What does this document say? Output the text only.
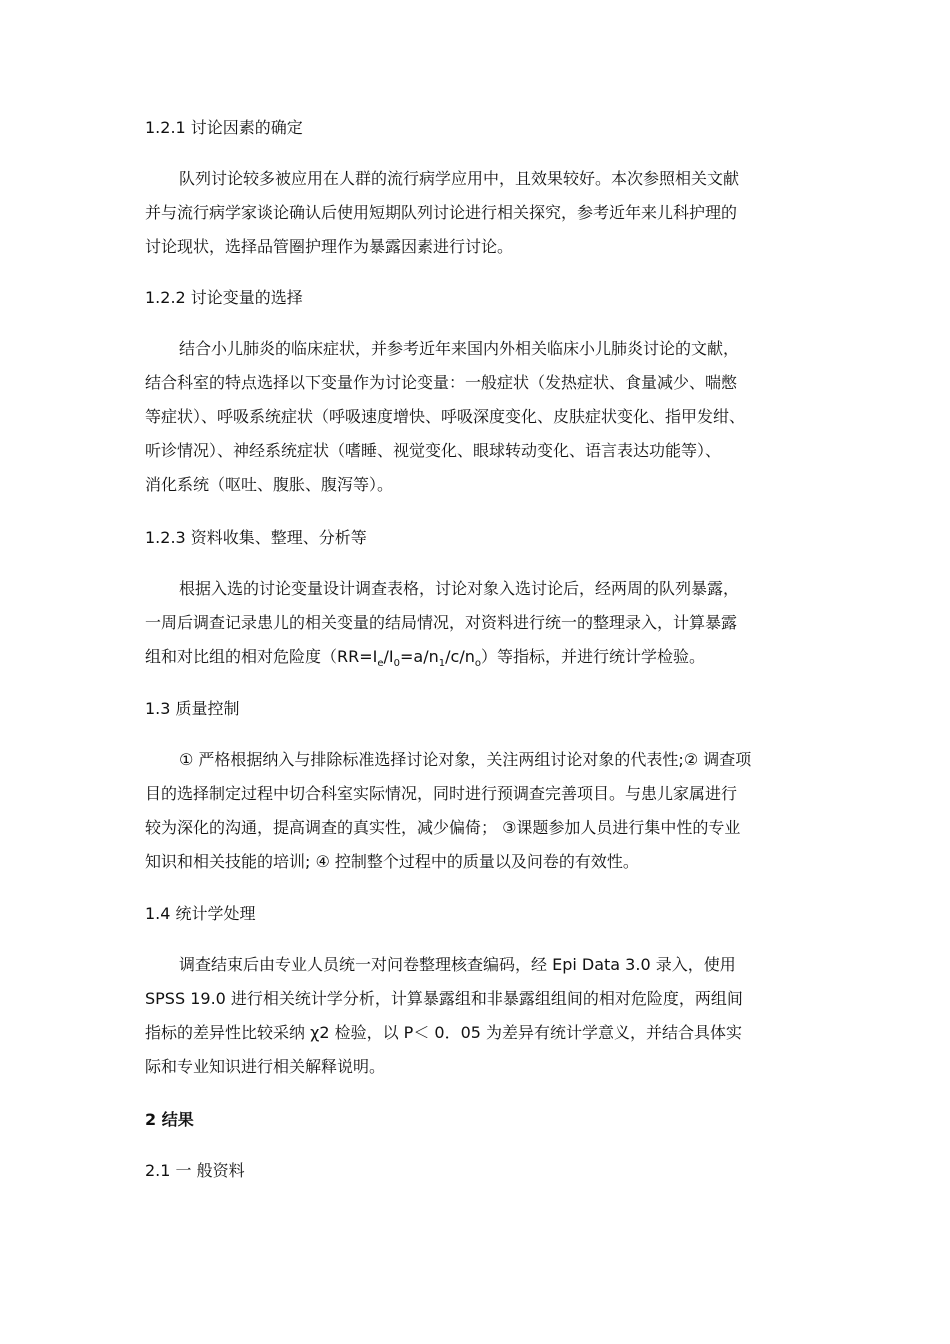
1.2.1 讨论因素的确定
队列讨论较多被应用在人群的流行病学应用中，且效果较好。本次参照相关文献
并与流行病学家谈论确认后使用短期队列讨论进行相关探究，参考近年来儿科护理的
讨论现状，选择品管圈护理作为暴露因素进行讨论。
1.2.2 讨论变量的选择
结合小儿肺炎的临床症状，并参考近年来国内外相关临床小儿肺炎讨论的文献，
结合科室的特点选择以下变量作为讨论变量：一般症状（发热症状、食量减少、喘憋
等症状）、呼吸系统症状（呼吸速度增快、呼吸深度变化、皮肤症状变化、指甲发绀、
听诊情况）、神经系统症状（嗜睡、视觉变化、眼球转动变化、语言表达功能等）、
消化系统（呕吐、腹胀、腹泻等）。
1.2.3 资料收集、整理、分析等
根据入选的讨论变量设计调查表格，讨论对象入选讨论后，经两周的队列暴露，
一周后调查记录患儿的相关变量的结局情况，对资料进行统一的整理录入，计算暴露
组和对比组的相对危险度$(RR=I_e/I_0=a/n_1/c/n_o)$等指标，并进行统计学检验。
1.3 质量控制
① 严格根据纳入与排除标准选择讨论对象，关注两组讨论对象的代表性;② 调查项
目的选择制定过程中切合科室实际情况，同时进行预调查完善项目。与患儿家属进行
较为深化的沟通，提高调查的真实性，减少偏倚； ③课题参加人员进行集中性的专业
知识和相关技能的培训; ④ 控制整个过程中的质量以及问卷的有效性。
1.4 统计学处理
调查结束后由专业人员统一对问卷整理核查编码，经 Epi Data 3.0 录入，使用
SPSS 19.0 进行相关统计学分析，计算暴露组和非暴露组组间的相对危险度，两组间
指标的差异性比较采纳 χ2 检验，以 P＜ 0．05 为差异有统计学意义，并结合具体实
际和专业知识进行相关解释说明。
2 结果
2.1 一 般资料
